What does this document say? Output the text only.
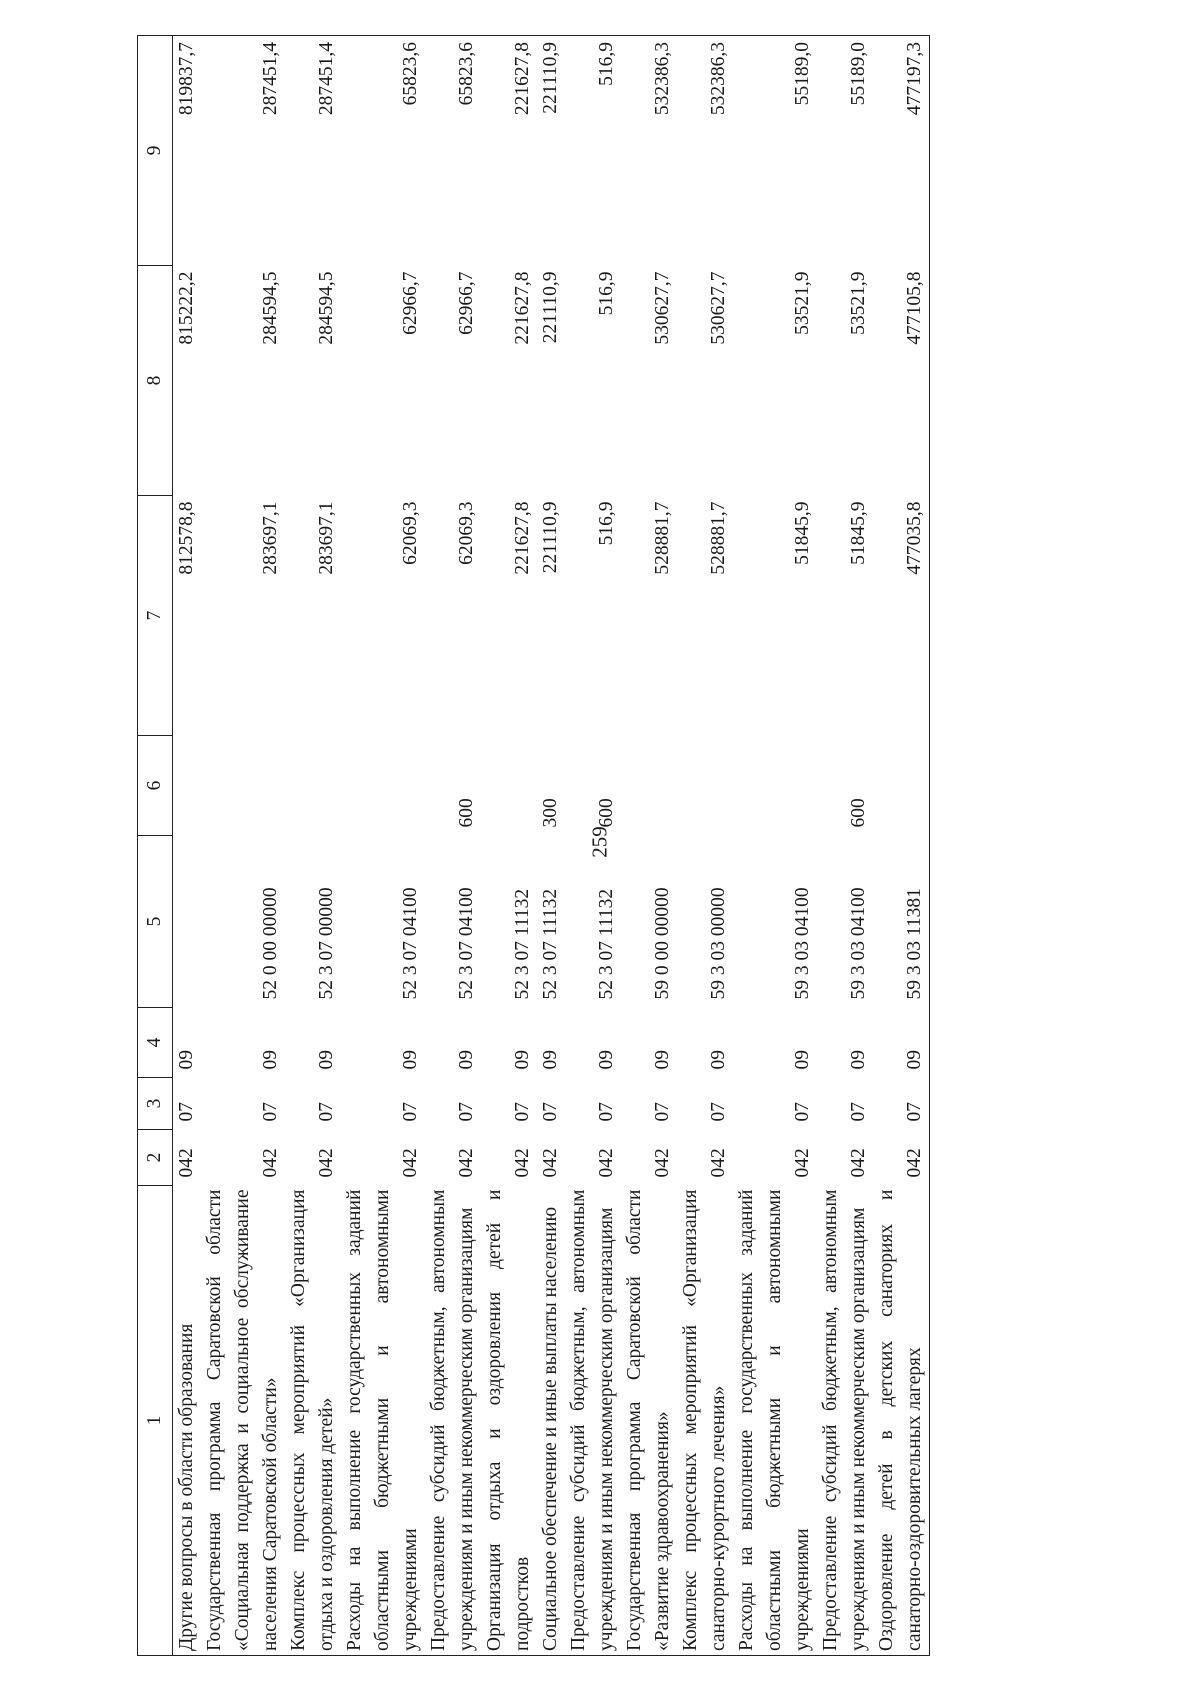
259
1	2	3	4	5	6	7	8	9
Другие вопросы в области образования	042	07	09			812578,8	815222,2	819837,7
Государственная программа Саратовской области «Социальная поддержка и социальное обслуживание населения Саратовской области»	042	07	09	52 0 00 00000		283697,1	284594,5	287451,4
Комплекс процессных мероприятий «Организация отдыха и оздоровления детей»	042	07	09	52 3 07 00000		283697,1	284594,5	287451,4
Расходы на выполнение государственных заданий областными бюджетными и автономными учреждениями	042	07	09	52 3 07 04100		62069,3	62966,7	65823,6
Предоставление субсидий бюджетным, автономным учреждениям и иным некоммерческим организациям	042	07	09	52 3 07 04100	600	62069,3	62966,7	65823,6
Организация отдыха и оздоровления детей и подростков	042	07	09	52 3 07 11132		221627,8	221627,8	221627,8
Социальное обеспечение и иные выплаты населению	042	07	09	52 3 07 11132	300	221110,9	221110,9	221110,9
Предоставление субсидий бюджетным, автономным учреждениям и иным некоммерческим организациям	042	07	09	52 3 07 11132	600	516,9	516,9	516,9
Государственная программа Саратовской области «Развитие здравоохранения»	042	07	09	59 0 00 00000		528881,7	530627,7	532386,3
Комплекс процессных мероприятий «Организация санаторно-курортного лечения»	042	07	09	59 3 03 00000		528881,7	530627,7	532386,3
Расходы на выполнение государственных заданий областными бюджетными и автономными учреждениями	042	07	09	59 3 03 04100		51845,9	53521,9	55189,0
Предоставление субсидий бюджетным, автономным учреждениям и иным некоммерческим организациям	042	07	09	59 3 03 04100	600	51845,9	53521,9	55189,0
Оздоровление детей в детских санаториях и санаторно-оздоровительных лагерях	042	07	09	59 3 03 11381		477035,8	477105,8	477197,3
